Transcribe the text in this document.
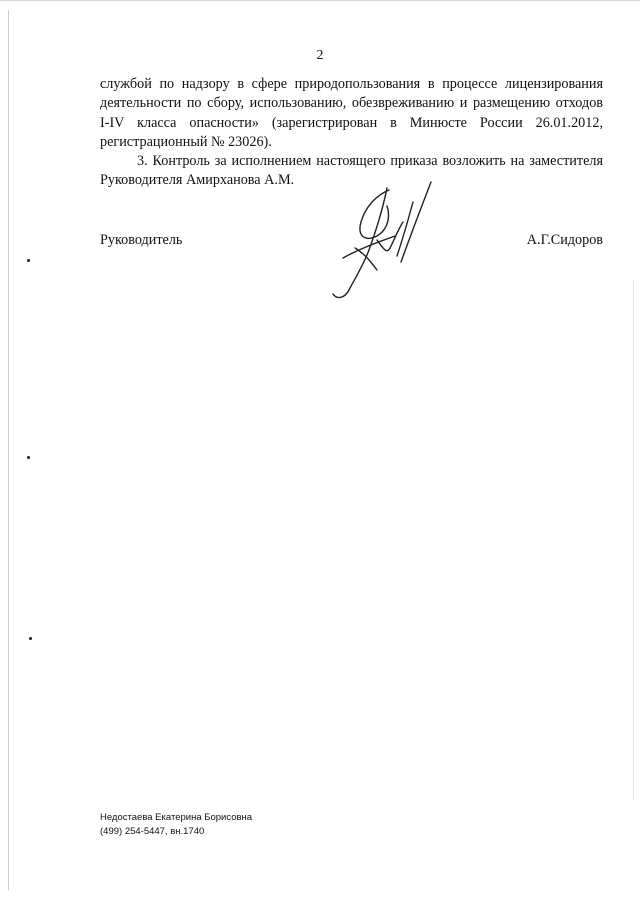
2

службой по надзору в сфере природопользования в процессе лицензирования

деятельности по сбору, использованию, обезвреживанию и размещению отходов

I-IV класса опасности» (зарегистрирован в Минюсте России 26.01.2012,

регистрационный № 23026).

3. Контроль за исполнением настоящего приказа возложить на заместителя

Руководителя Амирханова А.М.

Руководитель	А.Г.Сидоров
Недостаева Екатерина Борисовна
(499) 254-5447, вн.1740
